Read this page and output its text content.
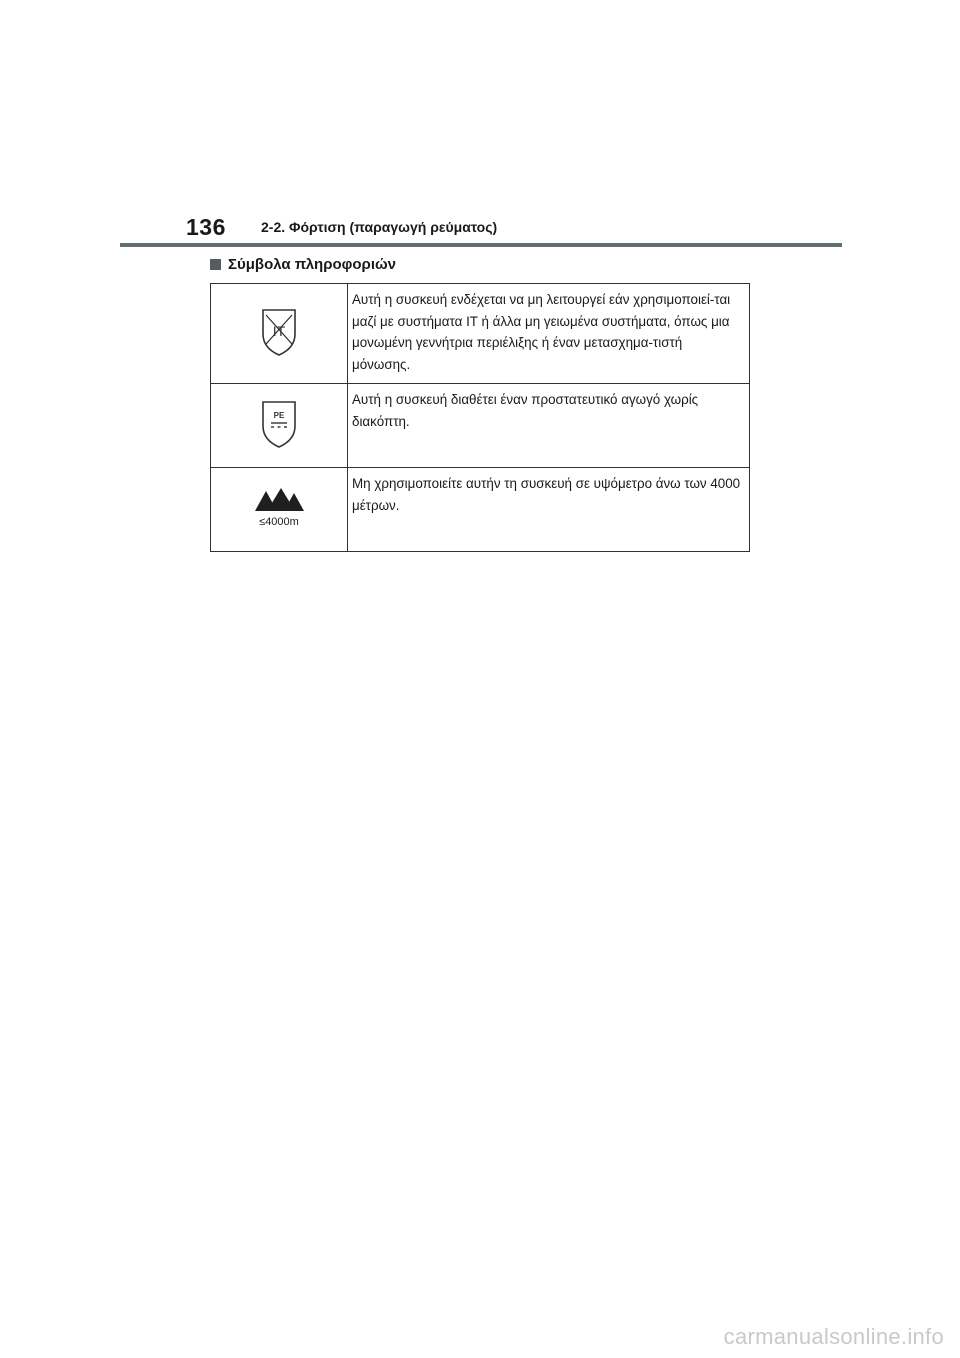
136	2-2. Φόρτιση (παραγωγή ρεύματος)
Σύμβολα πληροφοριών
IT	Αυτή η συσκευή ενδέχεται να μη λειτουργεί εάν χρησιμοποιεί-ται μαζί με συστήματα IT ή άλλα μη γειωμένα συστήματα, όπως μια μονωμένη γεννήτρια περιέλιξης ή έναν μετασχημα-τιστή μόνωσης.

PE	Αυτή η συσκευή διαθέτει έναν προστατευτικό αγωγό χωρίς διακόπτη.

≤4000m	Μη χρησιμοποιείτε αυτήν τη συσκευή σε υψόμετρο άνω των 4000 μέτρων.
carmanualsonline.info
